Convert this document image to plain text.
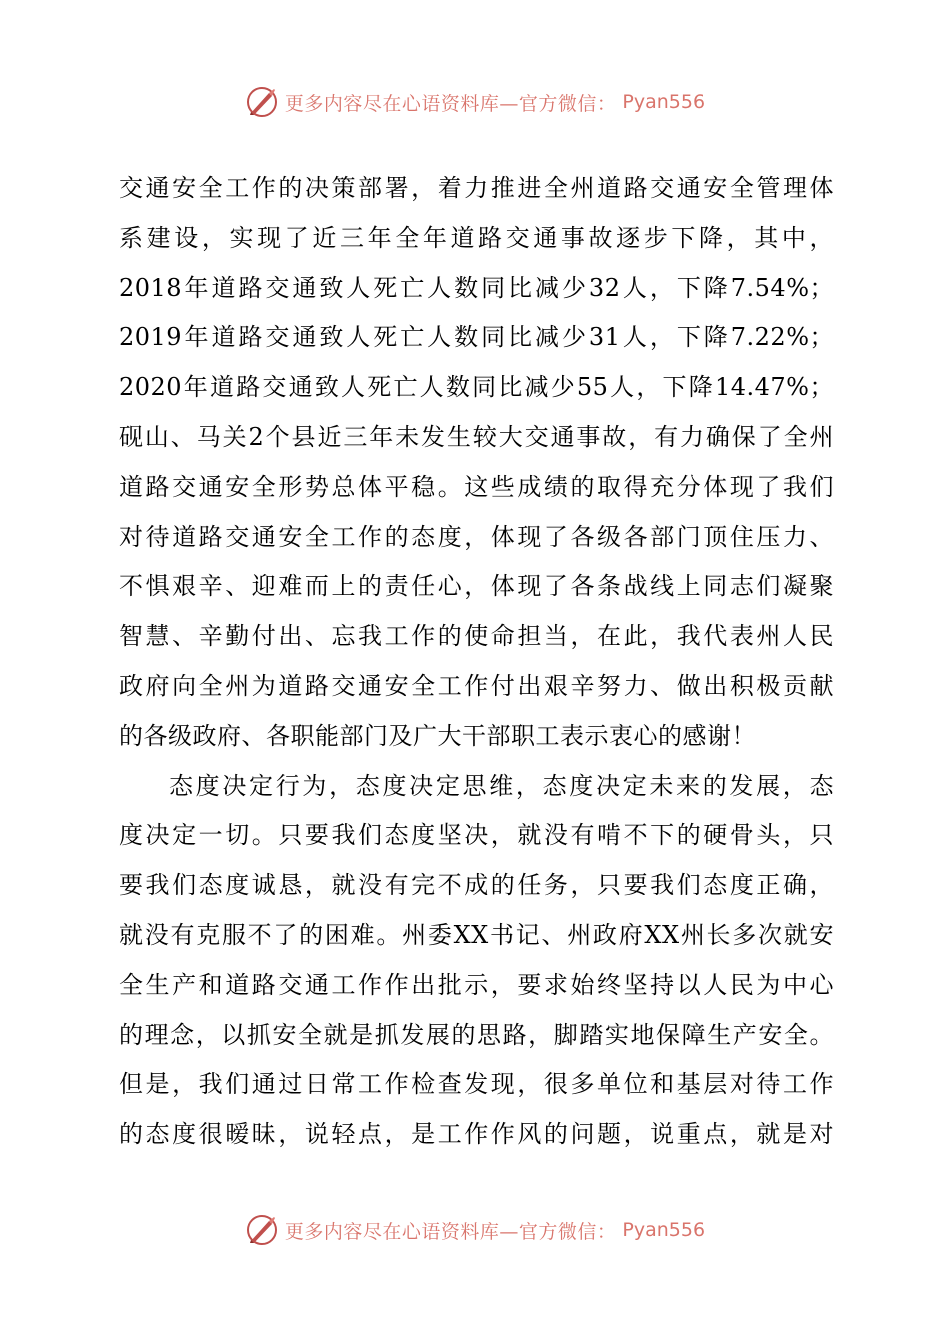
更多内容尽在心语资料库—官方微信： Pyan556
交通安全工作的决策部署，着力推进全州道路交通安全管理体
系建设，实现了近三年全年道路交通事故逐步下降，其中，
2018年道路交通致人死亡人数同比减少32人，下降7.54%；
2019年道路交通致人死亡人数同比减少31人，下降7.22%；
2020年道路交通致人死亡人数同比减少55人，下降14.47%；
砚山、马关2个县近三年未发生较大交通事故，有力确保了全州
道路交通安全形势总体平稳。这些成绩的取得充分体现了我们
对待道路交通安全工作的态度，体现了各级各部门顶住压力、
不惧艰辛、迎难而上的责任心，体现了各条战线上同志们凝聚
智慧、辛勤付出、忘我工作的使命担当，在此，我代表州人民
政府向全州为道路交通安全工作付出艰辛努力、做出积极贡献
的各级政府、各职能部门及广大干部职工表示衷心的感谢！
态度决定行为，态度决定思维，态度决定未来的发展，态
度决定一切。只要我们态度坚决，就没有啃不下的硬骨头，只
要我们态度诚恳，就没有完不成的任务，只要我们态度正确，
就没有克服不了的困难。州委XX书记、州政府XX州长多次就安
全生产和道路交通工作作出批示，要求始终坚持以人民为中心
的理念，以抓安全就是抓发展的思路，脚踏实地保障生产安全。
但是，我们通过日常工作检查发现，很多单位和基层对待工作
的态度很暧昧，说轻点，是工作作风的问题，说重点，就是对
更多内容尽在心语资料库—官方微信： Pyan556
